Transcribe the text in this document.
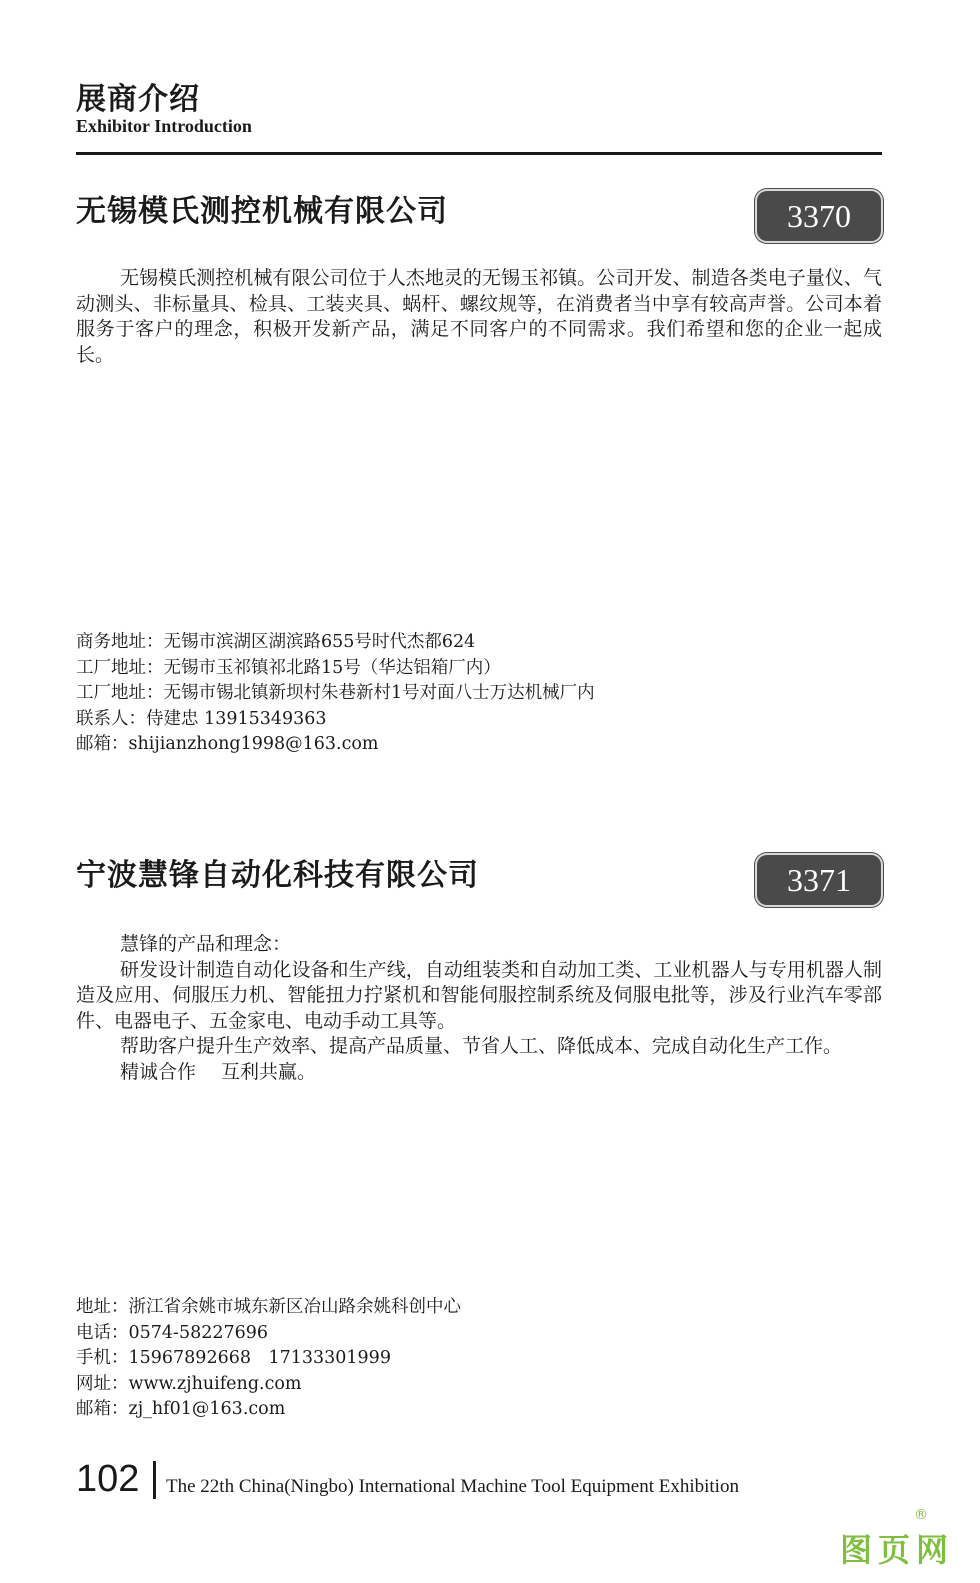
展商介绍
Exhibitor Introduction
无锡模氏测控机械有限公司	3370

无锡模氏测控机械有限公司位于人杰地灵的无锡玉祁镇。公司开发、制造各类电子量仪、气动测头、非标量具、检具、工装夹具、蜗杆、螺纹规等，在消费者当中享有较高声誉。公司本着服务于客户的理念，积极开发新产品，满足不同客户的不同需求。我们希望和您的企业一起成长。

商务地址：无锡市滨湖区湖滨路655号时代杰都624
工厂地址：无锡市玉祁镇祁北路15号（华达铝箱厂内）
工厂地址：无锡市锡北镇新坝村朱巷新村1号对面八士万达机械厂内
联系人：侍建忠 13915349363
邮箱：shijianzhong1998@163.com
宁波慧锋自动化科技有限公司	3371

慧锋的产品和理念：

研发设计制造自动化设备和生产线，自动组装类和自动加工类、工业机器人与专用机器人制造及应用、伺服压力机、智能扭力拧紧机和智能伺服控制系统及伺服电批等，涉及行业汽车零部件、电器电子、五金家电、电动手动工具等。

帮助客户提升生产效率、提高产品质量、节省人工、降低成本、完成自动化生产工作。

精诚合作　 互利共赢。

地址：浙江省余姚市城东新区冶山路余姚科创中心
电话：0574-58227696
手机：15967892668　17133301999
网址：www.zjhuifeng.com
邮箱：zj_hf01@163.com
102 The 22th China(Ningbo) International Machine Tool Equipment Exhibition
®
图页网
